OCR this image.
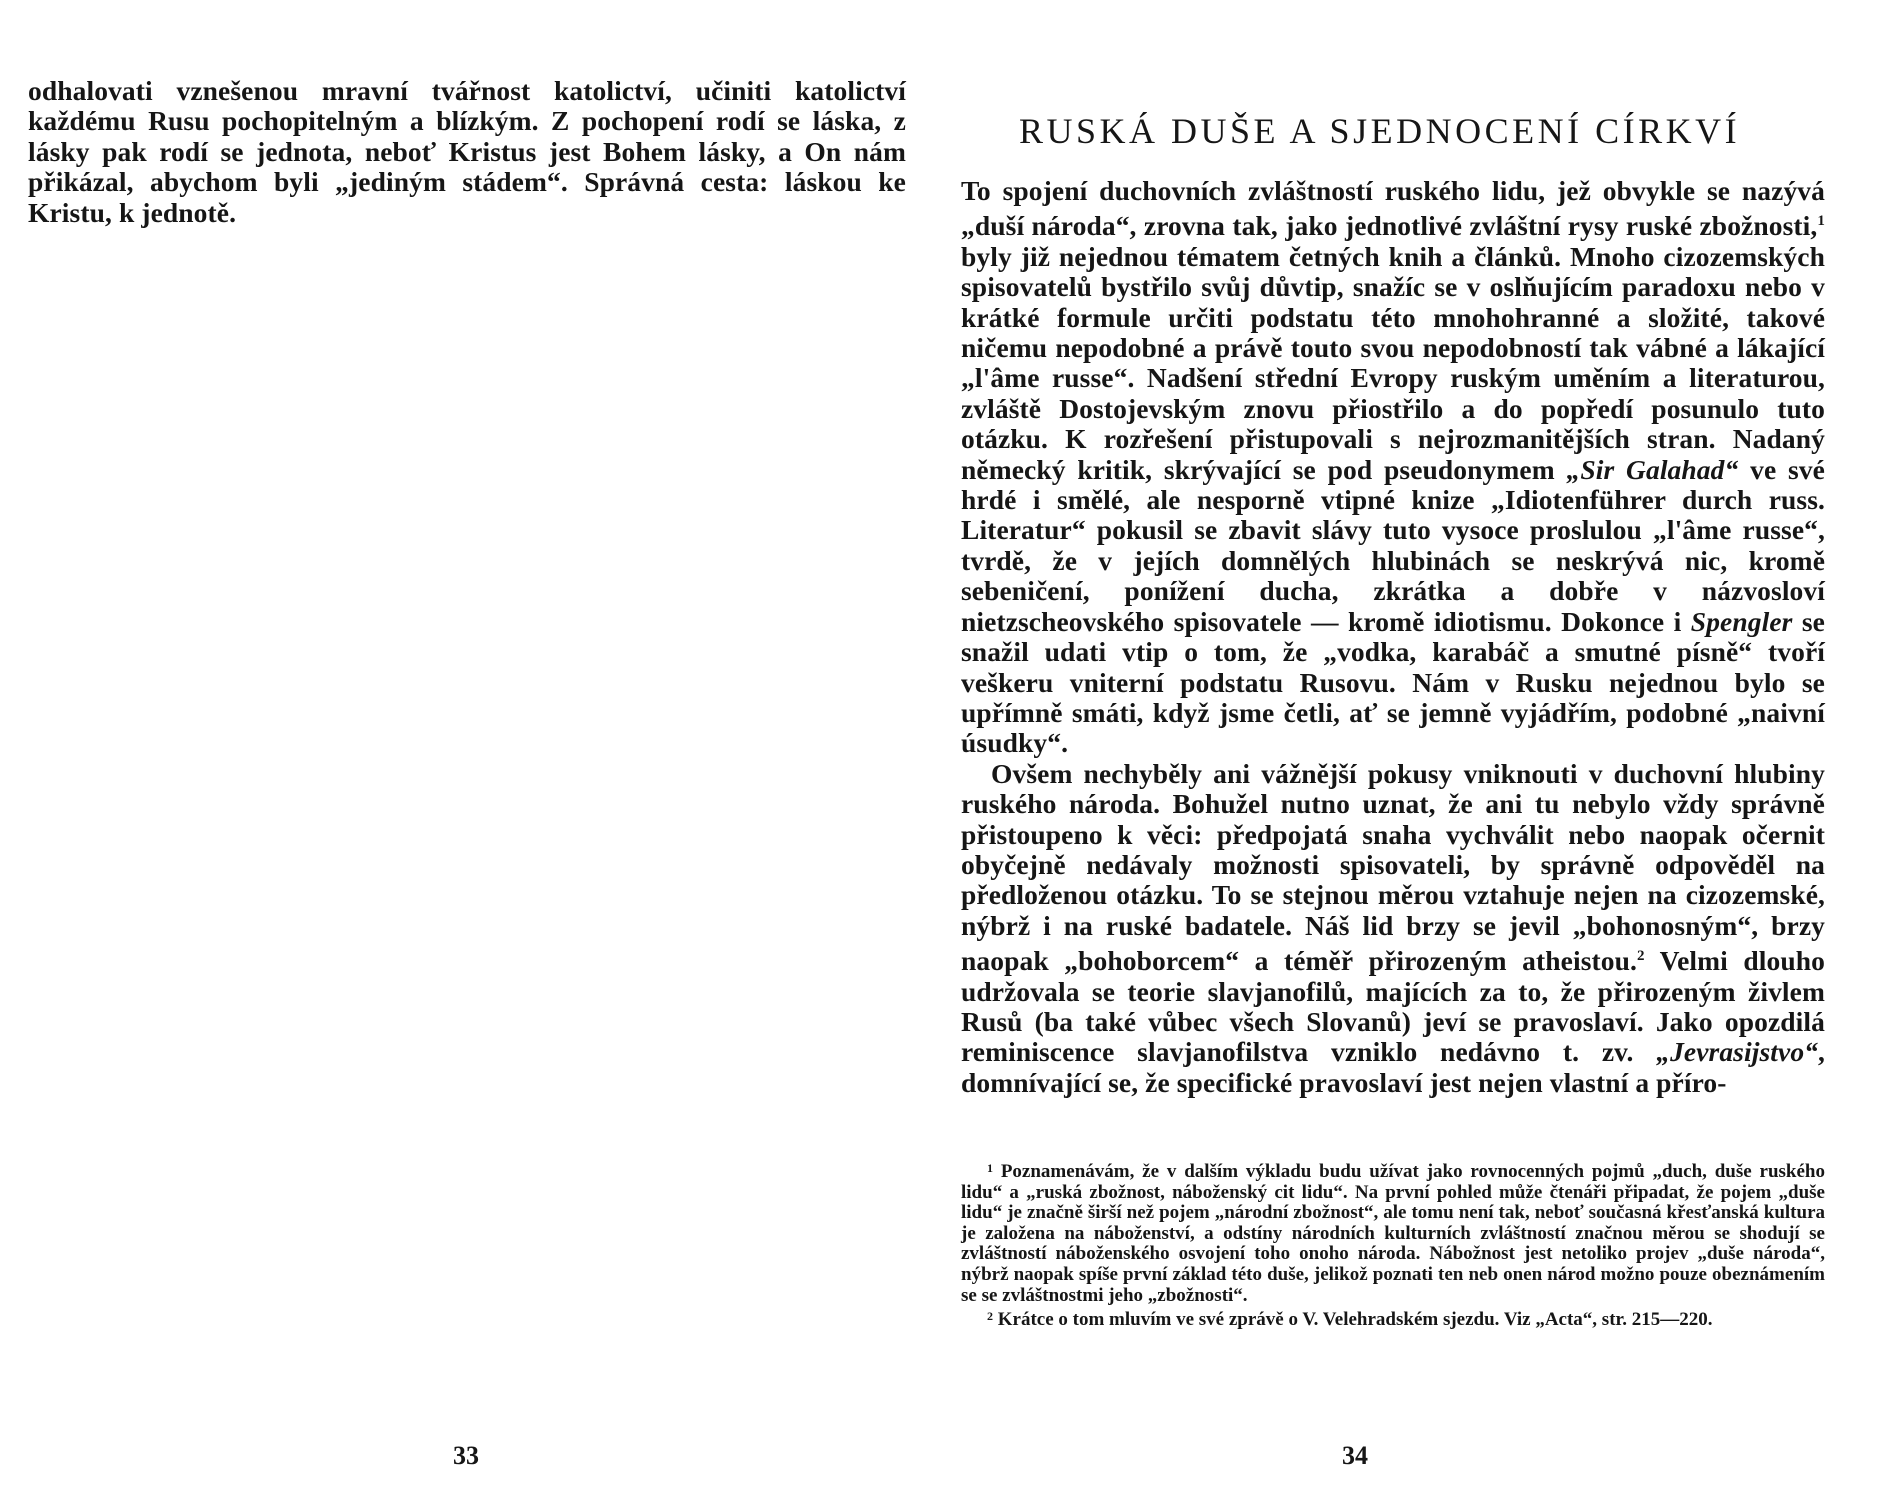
odhalovati vznešenou mravní tvářnost katolictví, učiniti katolictví každému Rusu pochopitelným a blízkým. Z pochopení rodí se láska, z lásky pak rodí se jednota, neboť Kristus jest Bohem lásky, a On nám přikázal, abychom byli „jediným stádem“. Správná cesta: láskou ke Kristu, k jednotě.

33
RUSKÁ DUŠE A SJEDNOCENÍ CÍRKVÍ

To spojení duchovních zvláštností ruského lidu, jež obvykle se nazývá „duší národa“, zrovna tak, jako jednotlivé zvláštní rysy ruské zbožnosti,$^1$ byly již nejednou tématem četných knih a článků. Mnoho cizozemských spisovatelů bystřilo svůj důvtip, snažíc se v oslňujícím paradoxu nebo v krátké formule určiti podstatu této mnohohranné a složité, takové ničemu nepodobné a právě touto svou nepodobností tak vábné a lákající „l'âme russe“. Nadšení střední Evropy ruským uměním a literaturou, zvláště Dostojevským znovu přiostřilo a do popředí posunulo tuto otázku. K rozřešení přistupovali s nejrozmanitějších stran. Nadaný německý kritik, skrývající se pod pseudonymem „Sir Galahad“ ve své hrdé i smělé, ale nesporně vtipné knize „Idiotenführer durch russ. Literatur“ pokusil se zbavit slávy tuto vysoce proslulou „l'âme russe“, tvrdě, že v jejích domnělých hlubinách se neskrývá nic, kromě sebeničení, ponížení ducha, zkrátka a dobře v názvosloví nietzscheovského spisovatele — kromě idiotismu. Dokonce i Spengler se snažil udati vtip o tom, že „vodka, karabáč a smutné písně“ tvoří veškeru vniterní podstatu Rusovu. Nám v Rusku nejednou bylo se upřímně smáti, když jsme četli, ať se jemně vyjádřím, podobné „naivní úsudky“.

Ovšem nechyběly ani vážnější pokusy vniknouti v duchovní hlubiny ruského národa. Bohužel nutno uznat, že ani tu nebylo vždy správně přistoupeno k věci: předpojatá snaha vychválit nebo naopak očernit obyčejně nedávaly možnosti spisovateli, by správně odpověděl na předloženou otázku. To se stejnou měrou vztahuje nejen na cizozemské, nýbrž i na ruské badatele. Náš lid brzy se jevil „bohonosným“, brzy naopak „bohoborcem“ a téměř přirozeným atheistou.$^2$ Velmi dlouho udržovala se teorie slavjanofilů, majících za to, že přirozeným živlem Rusů (ba také vůbec všech Slovanů) jeví se pravoslaví. Jako opozdilá reminiscence slavjanofilstva vzniklo nedávno t. zv. „Jevrasijstvo“, domnívající se, že specifické pravoslaví jest nejen vlastní a příro-

$^1$ Poznamenávám, že v dalším výkladu budu užívat jako rovnocenných pojmů „duch, duše ruského lidu“ a „ruská zbožnost, náboženský cit lidu“. Na první pohled může čtenáři připadat, že pojem „duše lidu“ je značně širší než pojem „národní zbožnost“, ale tomu není tak, neboť současná křesťanská kultura je založena na náboženství, a odstíny národních kulturních zvláštností značnou měrou se shodují se zvláštností náboženského osvojení toho onoho národa. Nábožnost jest netoliko projev „duše národa“, nýbrž naopak spíše první základ této duše, jelikož poznati ten neb onen národ možno pouze obeznámením se se zvláštnostmi jeho „zbožnosti“.

$^2$ Krátce o tom mluvím ve své zprávě o V. Velehradském sjezdu. Viz „Acta“, str. 215—220.

34
